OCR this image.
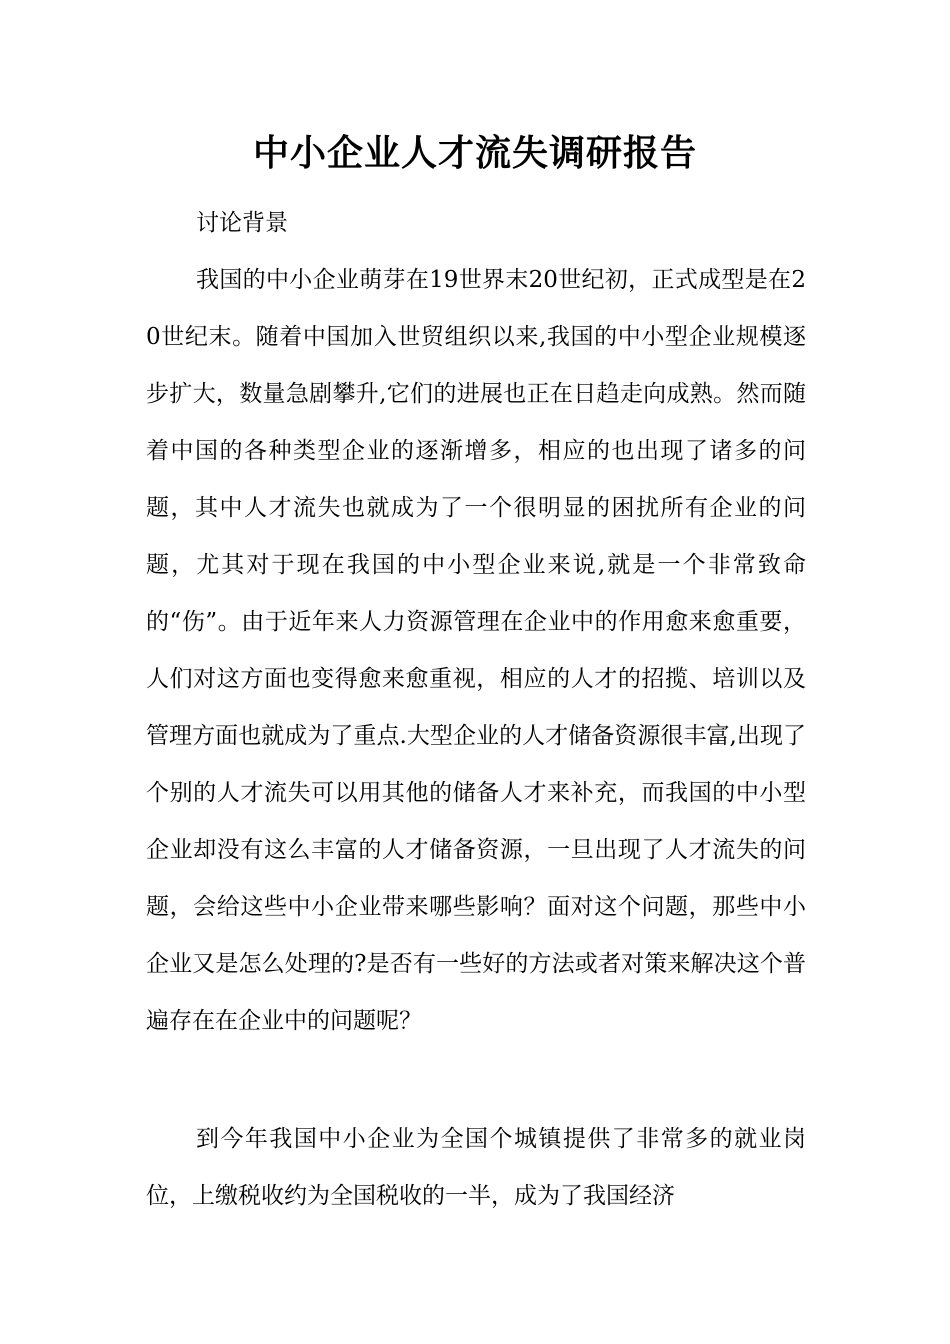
中小企业人才流失调研报告

讨论背景

我国的中小企业萌芽在19世界末20世纪初，正式成型是在20世纪末。随着中国加入世贸组织以来,我国的中小型企业规模逐步扩大，数量急剧攀升,它们的进展也正在日趋走向成熟。然而随着中国的各种类型企业的逐渐增多，相应的也出现了诸多的问题，其中人才流失也就成为了一个很明显的困扰所有企业的问题，尤其对于现在我国的中小型企业来说,就是一个非常致命的“伤”。由于近年来人力资源管理在企业中的作用愈来愈重要，人们对这方面也变得愈来愈重视，相应的人才的招揽、培训以及管理方面也就成为了重点.大型企业的人才储备资源很丰富,出现了个别的人才流失可以用其他的储备人才来补充，而我国的中小型企业却没有这么丰富的人才储备资源，一旦出现了人才流失的问题，会给这些中小企业带来哪些影响？面对这个问题，那些中小企业又是怎么处理的?是否有一些好的方法或者对策来解决这个普遍存在在企业中的问题呢？

到今年我国中小企业为全国个城镇提供了非常多的就业岗位，上缴税收约为全国税收的一半，成为了我国经济
